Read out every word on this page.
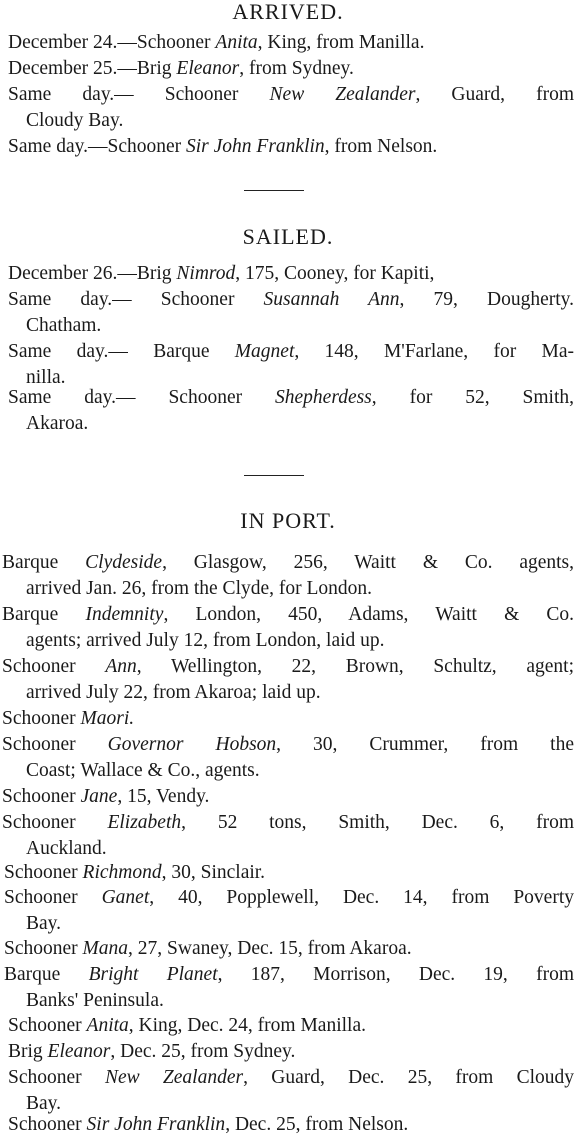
ARRIVED.
December 24.—Schooner Anita, King, from Manilla.
December 25.—Brig Eleanor, from Sydney.
Same day.— Schooner New Zealander, Guard, from
Cloudy Bay.
Same day.—Schooner Sir John Franklin, from Nelson.
SAILED.
December 26.—Brig Nimrod, 175, Cooney, for Kapiti,
Same day.— Schooner Susannah Ann, 79, Dougherty.
Chatham.
Same day.— Barque Magnet, 148, M'Farlane, for Ma-
nilla.
Same day.— Schooner Shepherdess, for 52, Smith,
Akaroa.
IN PORT.
Barque Clydeside, Glasgow, 256, Waitt & Co. agents,
arrived Jan. 26, from the Clyde, for London.
Barque Indemnity, London, 450, Adams, Waitt & Co.
agents; arrived July 12, from London, laid up.
Schooner Ann, Wellington, 22, Brown, Schultz, agent;
arrived July 22, from Akaroa; laid up.
Schooner Maori.
Schooner Governor Hobson, 30, Crummer, from the
Coast; Wallace & Co., agents.
Schooner Jane, 15, Vendy.
Schooner Elizabeth, 52 tons, Smith, Dec. 6, from
Auckland.
Schooner Richmond, 30, Sinclair.
Schooner Ganet, 40, Popplewell, Dec. 14, from Poverty
Bay.
Schooner Mana, 27, Swaney, Dec. 15, from Akaroa.
Barque Bright Planet, 187, Morrison, Dec. 19, from
Banks' Peninsula.
Schooner Anita, King, Dec. 24, from Manilla.
Brig Eleanor, Dec. 25, from Sydney.
Schooner New Zealander, Guard, Dec. 25, from Cloudy
Bay.
Schooner Sir John Franklin, Dec. 25, from Nelson.
